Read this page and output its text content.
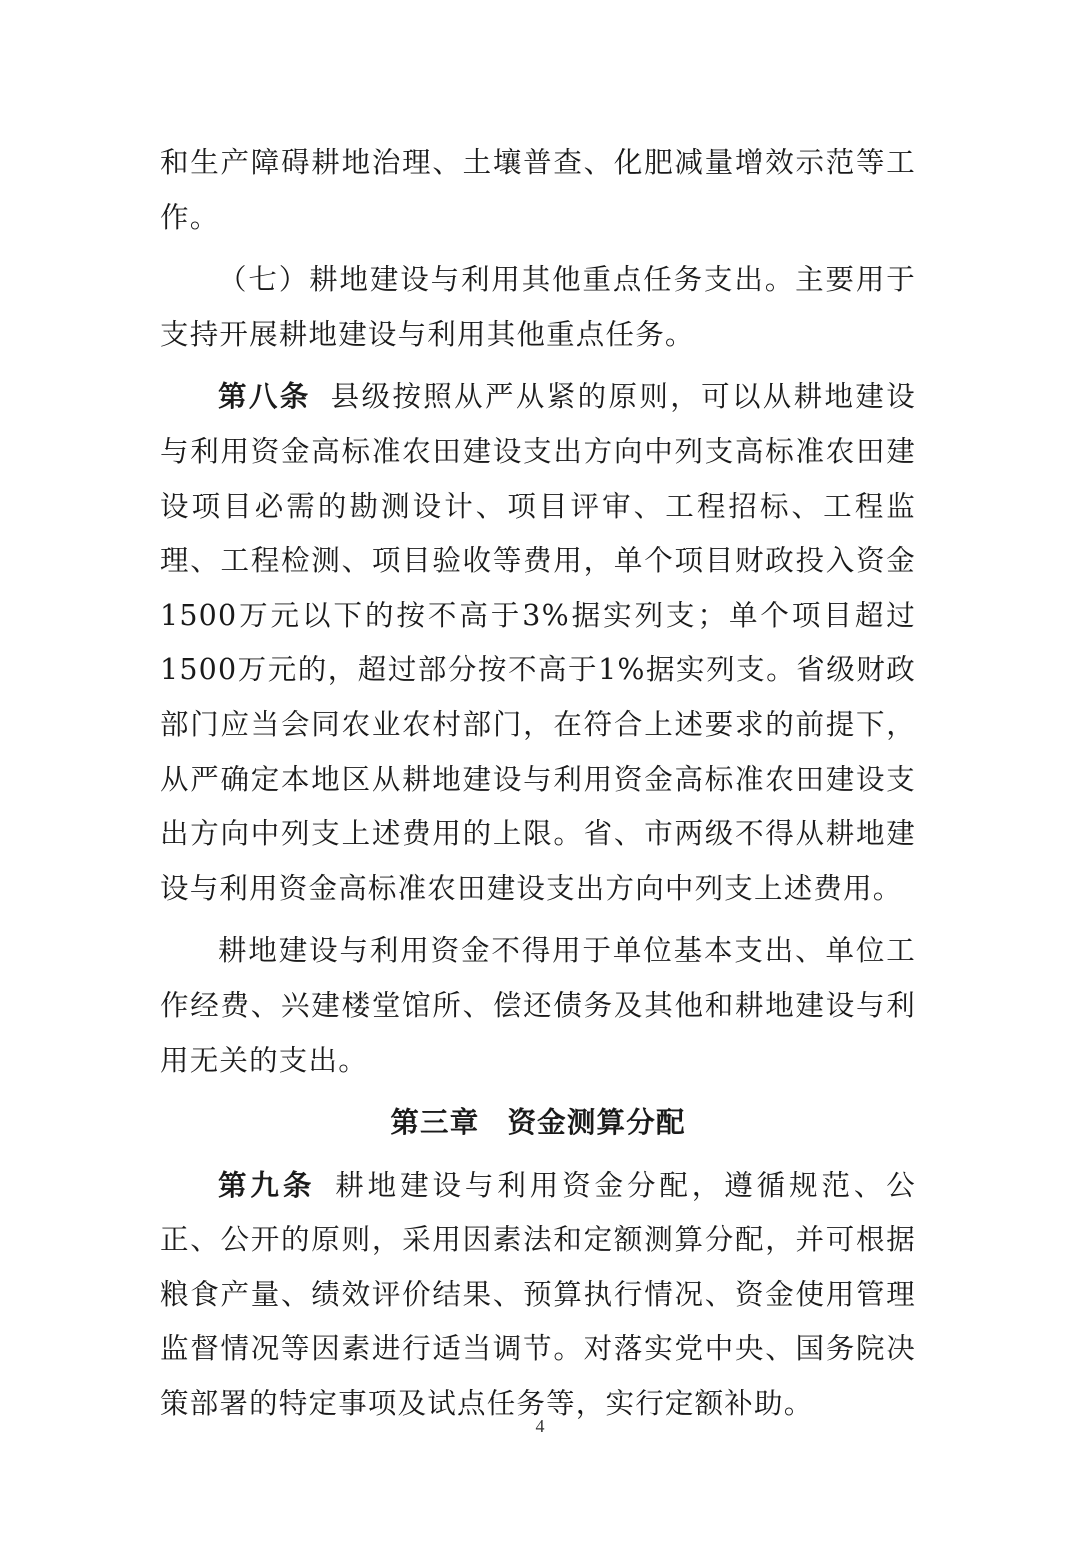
和生产障碍耕地治理、土壤普查、化肥减量增效示范等工作。

（七）耕地建设与利用其他重点任务支出。主要用于支持开展耕地建设与利用其他重点任务。

第八条 县级按照从严从紧的原则，可以从耕地建设与利用资金高标准农田建设支出方向中列支高标准农田建设项目必需的勘测设计、项目评审、工程招标、工程监理、工程检测、项目验收等费用，单个项目财政投入资金1500万元以下的按不高于3%据实列支；单个项目超过1500万元的，超过部分按不高于1%据实列支。省级财政部门应当会同农业农村部门，在符合上述要求的前提下，从严确定本地区从耕地建设与利用资金高标准农田建设支出方向中列支上述费用的上限。省、市两级不得从耕地建设与利用资金高标准农田建设支出方向中列支上述费用。

耕地建设与利用资金不得用于单位基本支出、单位工作经费、兴建楼堂馆所、偿还债务及其他和耕地建设与利用无关的支出。

第三章 资金测算分配

第九条 耕地建设与利用资金分配，遵循规范、公正、公开的原则，采用因素法和定额测算分配，并可根据粮食产量、绩效评价结果、预算执行情况、资金使用管理监督情况等因素进行适当调节。对落实党中央、国务院决策部署的特定事项及试点任务等，实行定额补助。

4
